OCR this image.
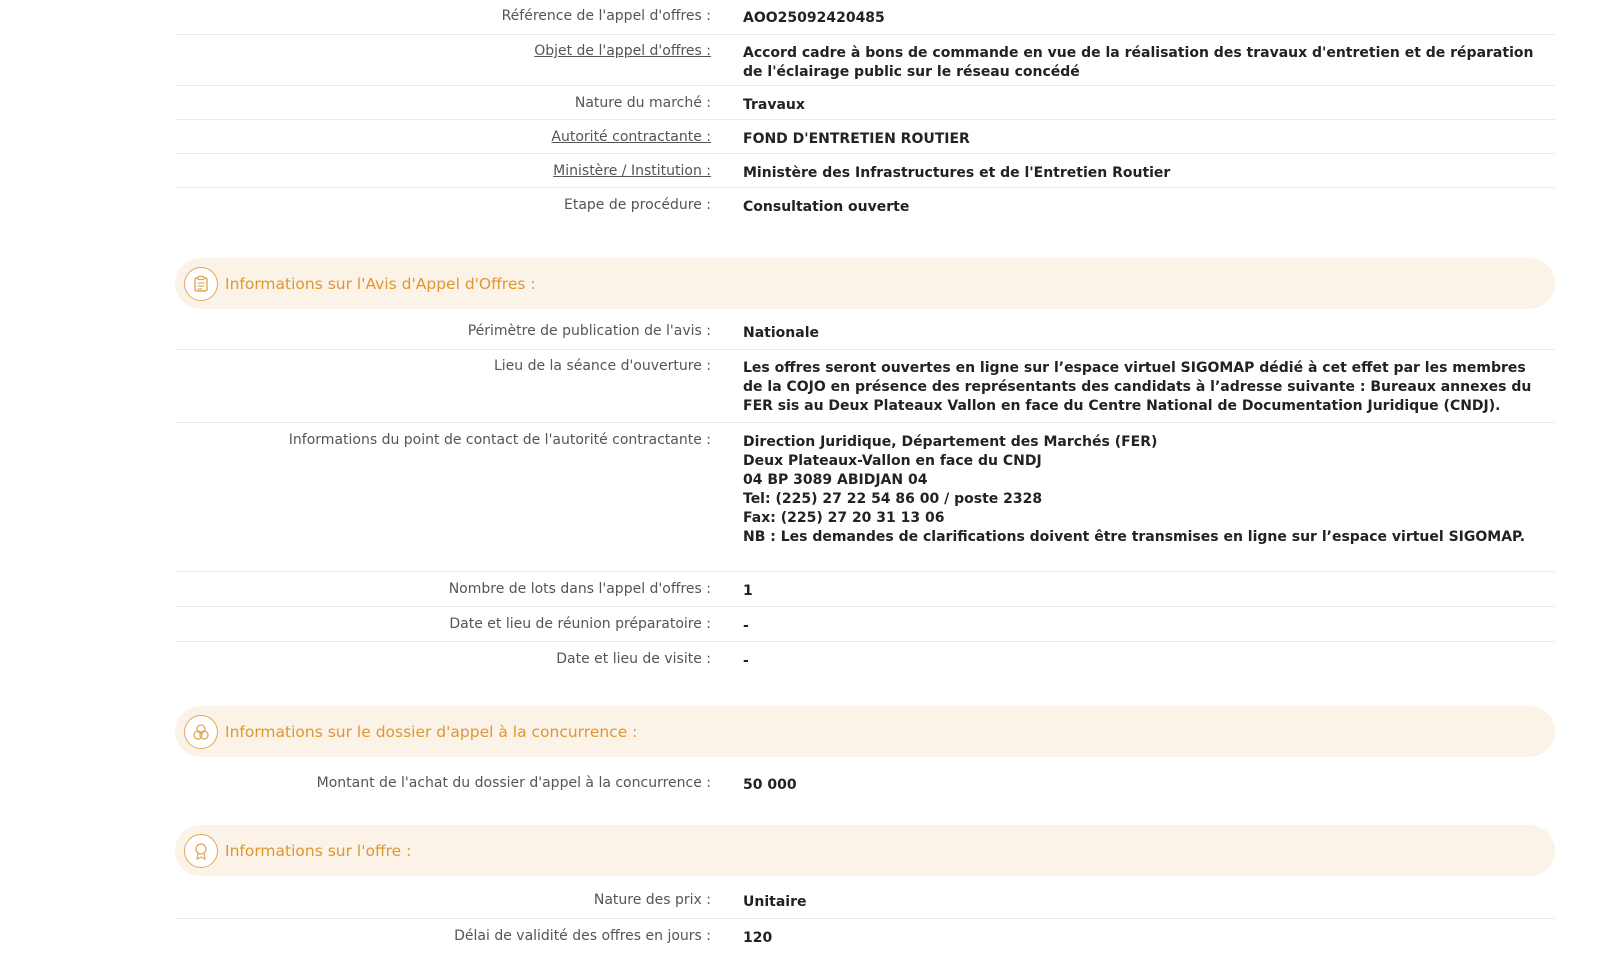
Référence de l'appel d'offres :	AOO25092420485
Objet de l'appel d'offres :	Accord cadre à bons de commande en vue de la réalisation des travaux d'entretien et de réparation de l'éclairage public sur le réseau concédé
Nature du marché :	Travaux
Autorité contractante :	FOND D'ENTRETIEN ROUTIER
Ministère / Institution :	Ministère des Infrastructures et de l'Entretien Routier
Etape de procédure :	Consultation ouverte
Informations sur l'Avis d'Appel d'Offres :
Périmètre de publication de l'avis :	Nationale
Lieu de la séance d'ouverture :	Les offres seront ouvertes en ligne sur l’espace virtuel SIGOMAP dédié à cet effet par les membres de la COJO en présence des représentants des candidats à l’adresse suivante : Bureaux annexes du FER sis au Deux Plateaux Vallon en face du Centre National de Documentation Juridique (CNDJ).
Informations du point de contact de l'autorité contractante :	Direction Juridique, Département des Marchés (FER)
Deux Plateaux-Vallon en face du CNDJ
04 BP 3089 ABIDJAN 04
Tel: (225) 27 22 54 86 00 / poste 2328
Fax: (225) 27 20 31 13 06
NB : Les demandes de clarifications doivent être transmises en ligne sur l’espace virtuel SIGOMAP.
Nombre de lots dans l'appel d'offres :	1
Date et lieu de réunion préparatoire :	-
Date et lieu de visite :	-
Informations sur le dossier d'appel à la concurrence :
Montant de l'achat du dossier d'appel à la concurrence :	50 000
Informations sur l'offre :
Nature des prix :	Unitaire
Délai de validité des offres en jours :	120
